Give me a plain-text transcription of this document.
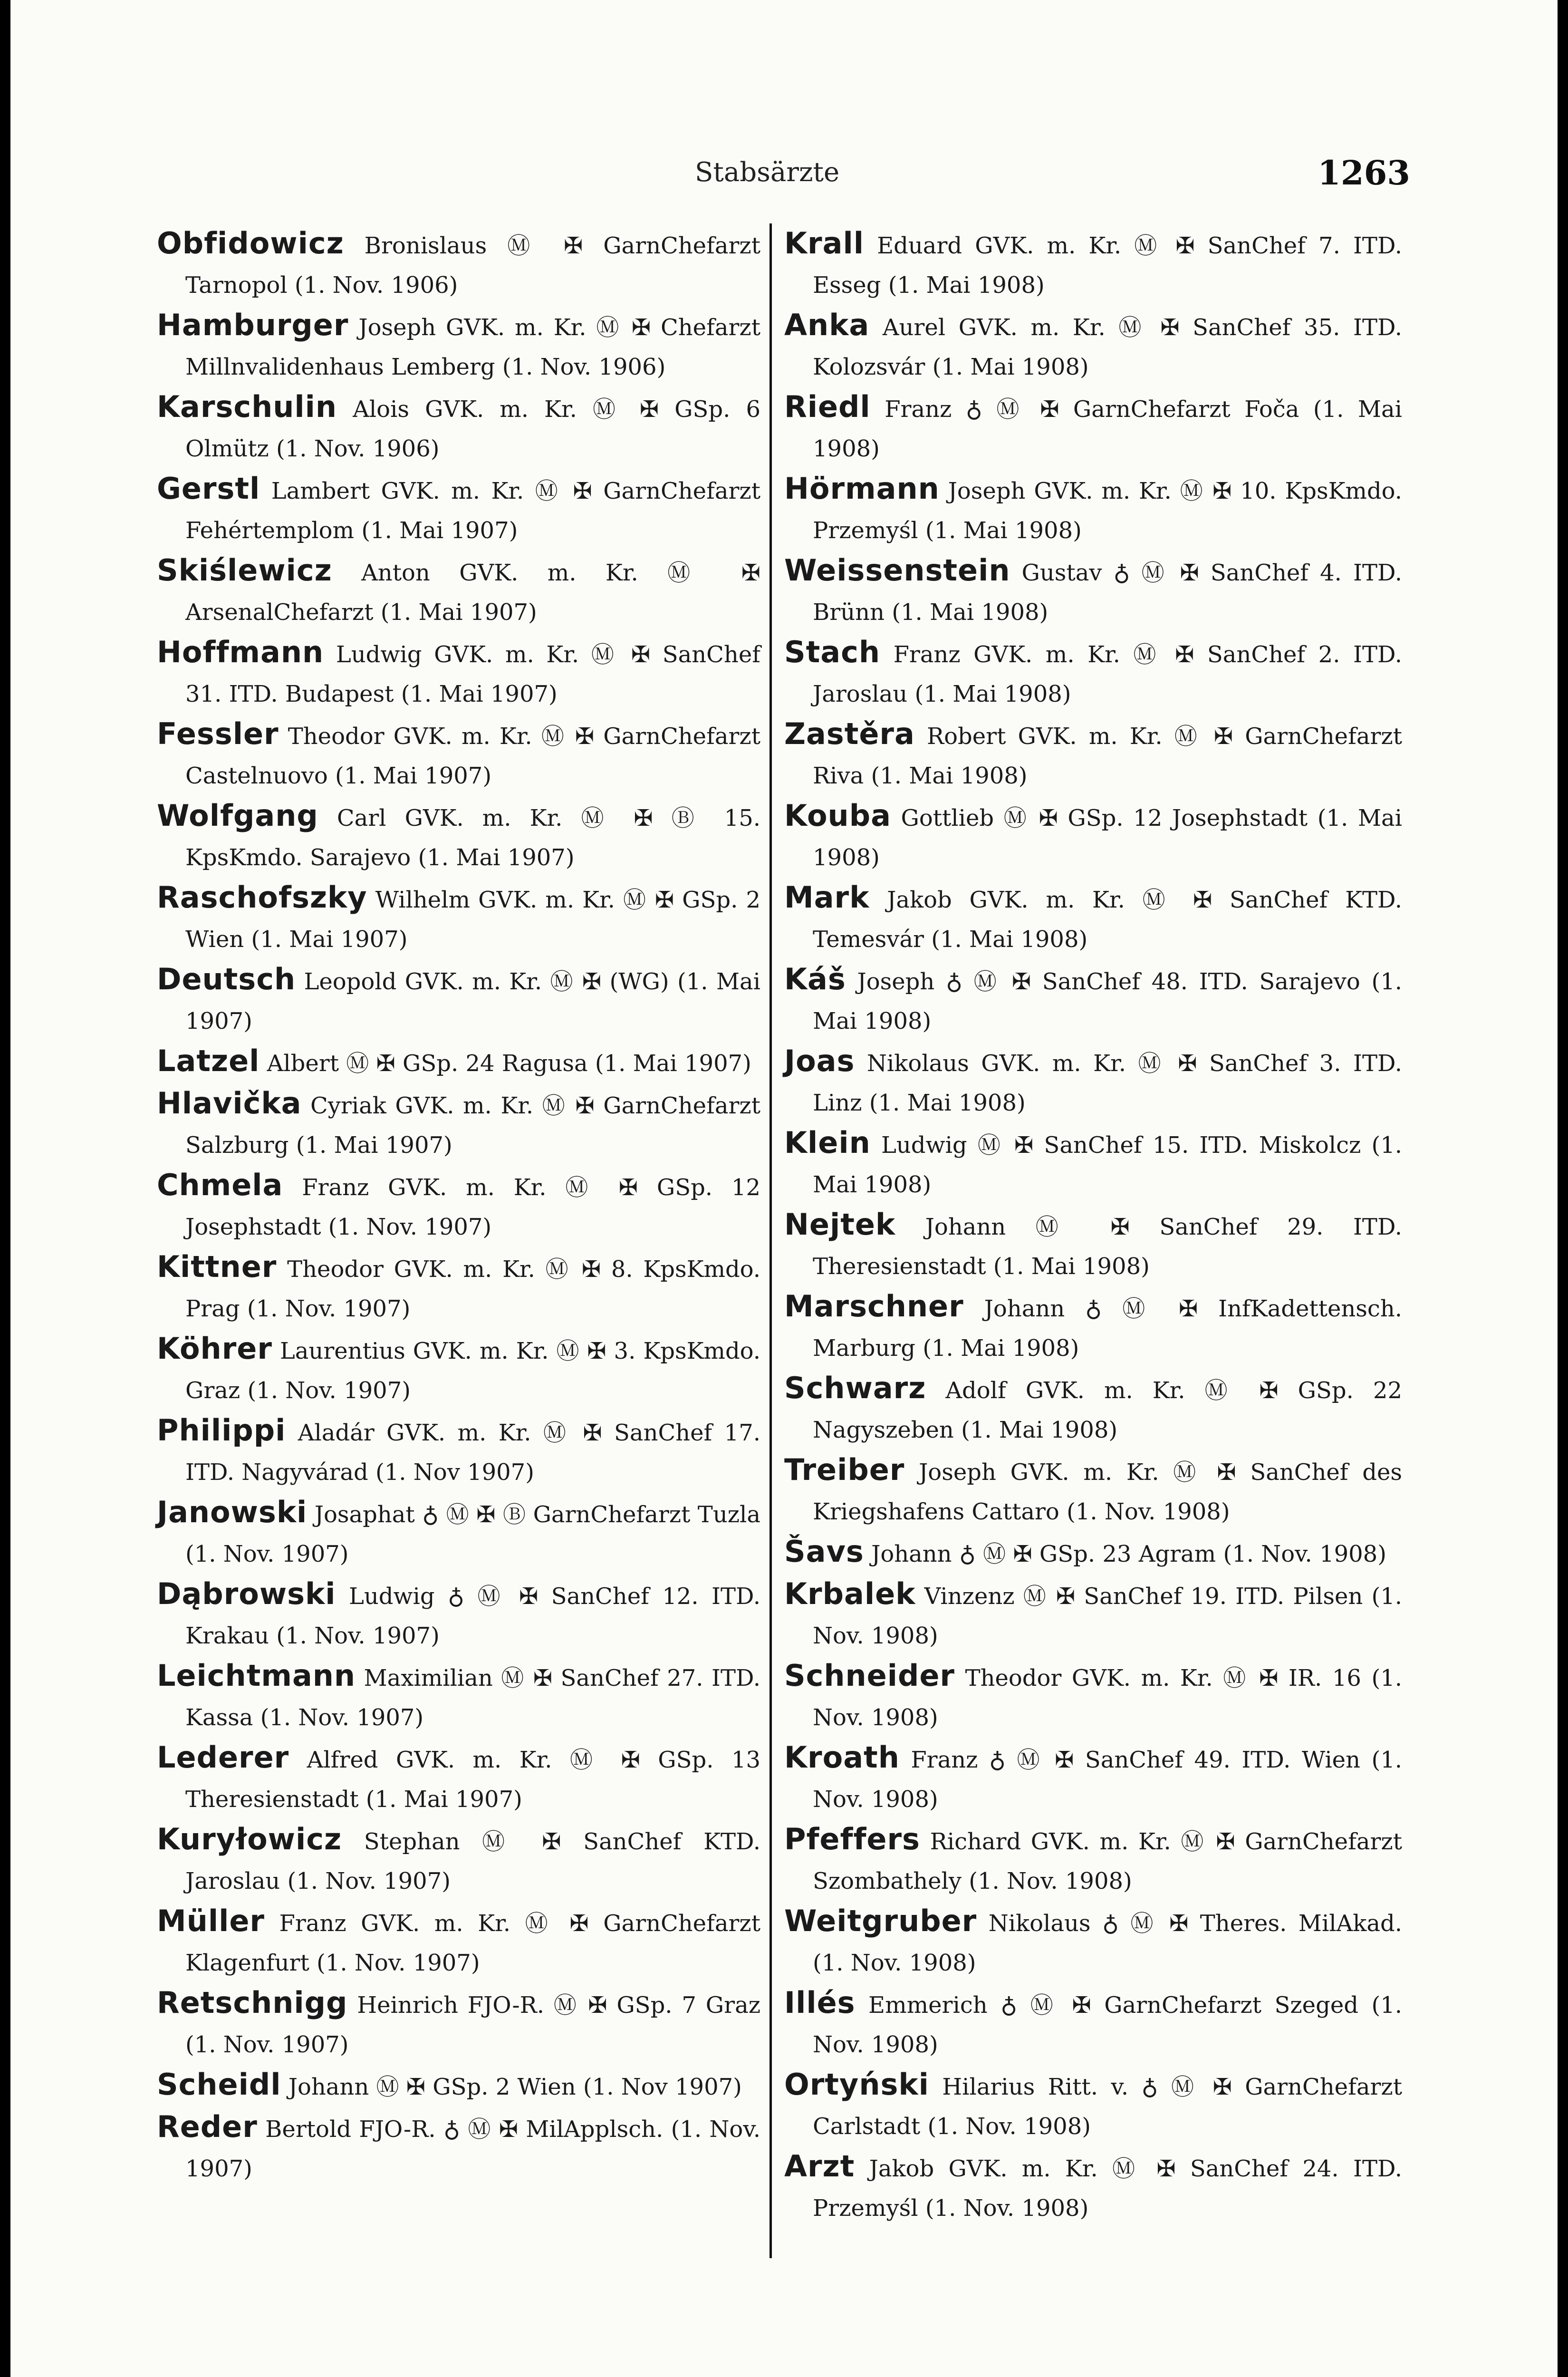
Stabsärzte	1263
Obfidowicz Bronislaus Ⓜ ✠ GarnChefarzt Tarnopol (1. Nov. 1906)
Hamburger Joseph GVK. m. Kr. Ⓜ ✠ Chefarzt Millnvalidenhaus Lemberg (1. Nov. 1906)
Karschulin Alois GVK. m. Kr. Ⓜ ✠ GSp. 6 Olmütz (1. Nov. 1906)
Gerstl Lambert GVK. m. Kr. Ⓜ ✠ GarnChefarzt Fehértemplom (1. Mai 1907)
Skiślewicz Anton GVK. m. Kr. Ⓜ ✠ ArsenalChefarzt (1. Mai 1907)
Hoffmann Ludwig GVK. m. Kr. Ⓜ ✠ SanChef 31. ITD. Budapest (1. Mai 1907)
Fessler Theodor GVK. m. Kr. Ⓜ ✠ GarnChefarzt Castelnuovo (1. Mai 1907)
Wolfgang Carl GVK. m. Kr. Ⓜ ✠ Ⓑ 15. KpsKmdo. Sarajevo (1. Mai 1907)
Raschofszky Wilhelm GVK. m. Kr. Ⓜ ✠ GSp. 2 Wien (1. Mai 1907)
Deutsch Leopold GVK. m. Kr. Ⓜ ✠ (WG) (1. Mai 1907)
Latzel Albert Ⓜ ✠ GSp. 24 Ragusa (1. Mai 1907)
Hlavička Cyriak GVK. m. Kr. Ⓜ ✠ GarnChefarzt Salzburg (1. Mai 1907)
Chmela Franz GVK. m. Kr. Ⓜ ✠ GSp. 12 Josephstadt (1. Nov. 1907)
Kittner Theodor GVK. m. Kr. Ⓜ ✠ 8. KpsKmdo. Prag (1. Nov. 1907)
Köhrer Laurentius GVK. m. Kr. Ⓜ ✠ 3. KpsKmdo. Graz (1. Nov. 1907)
Philippi Aladár GVK. m. Kr. Ⓜ ✠ SanChef 17. ITD. Nagyvárad (1. Nov 1907)
Janowski Josaphat ♁ Ⓜ ✠ Ⓑ GarnChefarzt Tuzla (1. Nov. 1907)
Dąbrowski Ludwig ♁ Ⓜ ✠ SanChef 12. ITD. Krakau (1. Nov. 1907)
Leichtmann Maximilian Ⓜ ✠ SanChef 27. ITD. Kassa (1. Nov. 1907)
Lederer Alfred GVK. m. Kr. Ⓜ ✠ GSp. 13 Theresienstadt (1. Mai 1907)
Kuryłowicz Stephan Ⓜ ✠ SanChef KTD. Jaroslau (1. Nov. 1907)
Müller Franz GVK. m. Kr. Ⓜ ✠ GarnChefarzt Klagenfurt (1. Nov. 1907)
Retschnigg Heinrich FJO-R. Ⓜ ✠ GSp. 7 Graz (1. Nov. 1907)
Scheidl Johann Ⓜ ✠ GSp. 2 Wien (1. Nov 1907)
Reder Bertold FJO-R. ♁ Ⓜ ✠ MilApplsch. (1. Nov. 1907)
Krall Eduard GVK. m. Kr. Ⓜ ✠ SanChef 7. ITD. Esseg (1. Mai 1908)
Anka Aurel GVK. m. Kr. Ⓜ ✠ SanChef 35. ITD. Kolozsvár (1. Mai 1908)
Riedl Franz ♁ Ⓜ ✠ GarnChefarzt Foča (1. Mai 1908)
Hörmann Joseph GVK. m. Kr. Ⓜ ✠ 10. KpsKmdo. Przemyśl (1. Mai 1908)
Weissenstein Gustav ♁ Ⓜ ✠ SanChef 4. ITD. Brünn (1. Mai 1908)
Stach Franz GVK. m. Kr. Ⓜ ✠ SanChef 2. ITD. Jaroslau (1. Mai 1908)
Zastěra Robert GVK. m. Kr. Ⓜ ✠ GarnChefarzt Riva (1. Mai 1908)
Kouba Gottlieb Ⓜ ✠ GSp. 12 Josephstadt (1. Mai 1908)
Mark Jakob GVK. m. Kr. Ⓜ ✠ SanChef KTD. Temesvár (1. Mai 1908)
Káš Joseph ♁ Ⓜ ✠ SanChef 48. ITD. Sarajevo (1. Mai 1908)
Joas Nikolaus GVK. m. Kr. Ⓜ ✠ SanChef 3. ITD. Linz (1. Mai 1908)
Klein Ludwig Ⓜ ✠ SanChef 15. ITD. Miskolcz (1. Mai 1908)
Nejtek Johann Ⓜ ✠ SanChef 29. ITD. Theresienstadt (1. Mai 1908)
Marschner Johann ♁ Ⓜ ✠ InfKadettensch. Marburg (1. Mai 1908)
Schwarz Adolf GVK. m. Kr. Ⓜ ✠ GSp. 22 Nagyszeben (1. Mai 1908)
Treiber Joseph GVK. m. Kr. Ⓜ ✠ SanChef des Kriegshafens Cattaro (1. Nov. 1908)
Šavs Johann ♁ Ⓜ ✠ GSp. 23 Agram (1. Nov. 1908)
Krbalek Vinzenz Ⓜ ✠ SanChef 19. ITD. Pilsen (1. Nov. 1908)
Schneider Theodor GVK. m. Kr. Ⓜ ✠ IR. 16 (1. Nov. 1908)
Kroath Franz ♁ Ⓜ ✠ SanChef 49. ITD. Wien (1. Nov. 1908)
Pfeffers Richard GVK. m. Kr. Ⓜ ✠ GarnChefarzt Szombathely (1. Nov. 1908)
Weitgruber Nikolaus ♁ Ⓜ ✠ Theres. MilAkad. (1. Nov. 1908)
Illés Emmerich ♁ Ⓜ ✠ GarnChefarzt Szeged (1. Nov. 1908)
Ortyński Hilarius Ritt. v. ♁ Ⓜ ✠ GarnChefarzt Carlstadt (1. Nov. 1908)
Arzt Jakob GVK. m. Kr. Ⓜ ✠ SanChef 24. ITD. Przemyśl (1. Nov. 1908)
